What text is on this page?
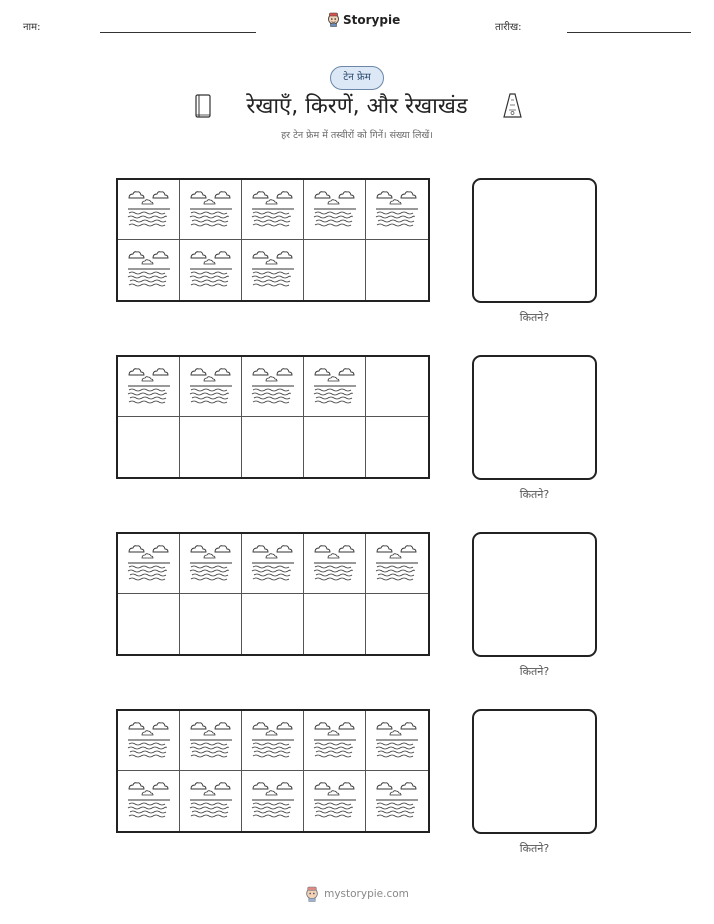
नाम:
Storypie
तारीख:
टेन फ्रेम
रेखाएँ, किरणें, और रेखाखंड
हर टेन फ्रेम में तस्वीरों को गिनें। संख्या लिखें।
कितने?
कितने?
कितने?
कितने?
mystorypie.com
